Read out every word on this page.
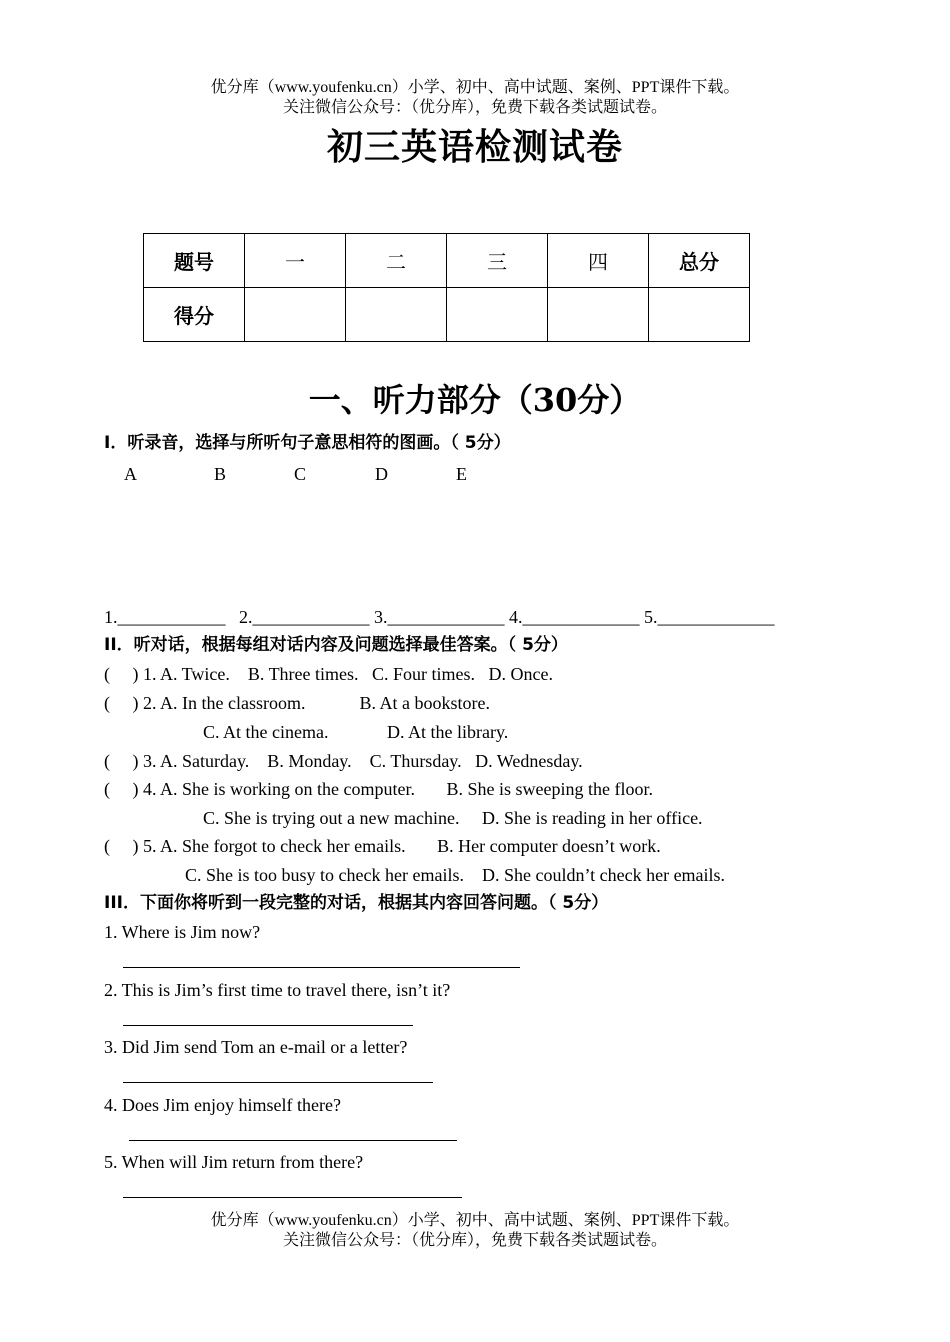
优分库（www.youfenku.cn）小学、初中、高中试题、案例、PPT课件下载。
关注微信公众号：（优分库），免费下载各类试题试卷。
初三英语检测试卷
题号	一	二	三	四	总分
得分					
一、听力部分（30分）
I．听录音，选择与所听句子意思相符的图画。（ 5分）
A	B	C	D	E
1.____________   2._____________ 3._____________ 4._____________ 5._____________
II．听对话，根据每组对话内容及问题选择最佳答案。（ 5分）
(     ) 1. A. Twice.    B. Three times.   C. Four times.   D. Once.
(     ) 2. A. In the classroom.            B. At a bookstore.
C. At the cinema.             D. At the library.
(     ) 3. A. Saturday.    B. Monday.    C. Thursday.   D. Wednesday.
(     ) 4. A. She is working on the computer.       B. She is sweeping the floor.
C. She is trying out a new machine.     D. She is reading in her office.
(     ) 5. A. She forgot to check her emails.       B. Her computer doesn’t work.
C. She is too busy to check her emails.    D. She couldn’t check her emails.
III．下面你将听到一段完整的对话，根据其内容回答问题。（ 5分）
1. Where is Jim now?
2. This is Jim’s first time to travel there, isn’t it?
3. Did Jim send Tom an e-mail or a letter?
4. Does Jim enjoy himself there?
5. When will Jim return from there?
优分库（www.youfenku.cn）小学、初中、高中试题、案例、PPT课件下载。
关注微信公众号：（优分库），免费下载各类试题试卷。
